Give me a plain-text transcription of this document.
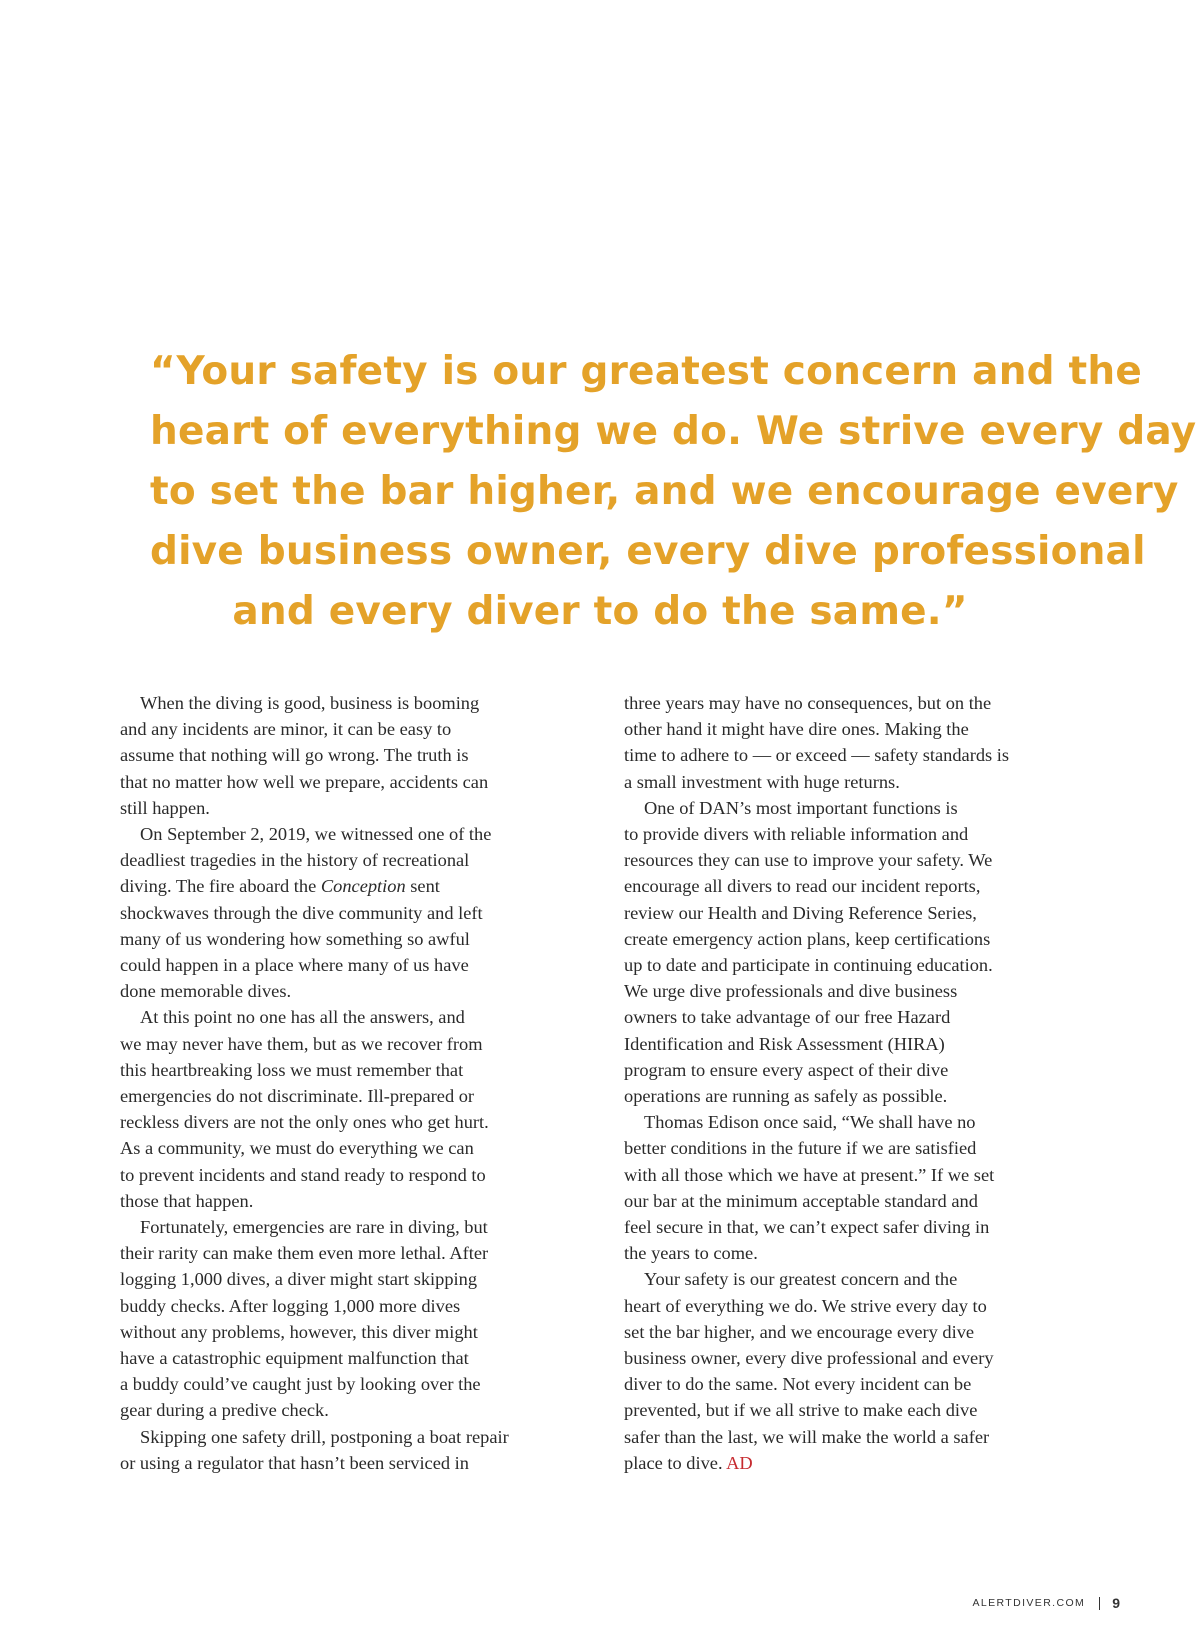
“Your safety is our greatest concern and the
heart of everything we do. We strive every day
to set the bar higher, and we encourage every
dive business owner, every dive professional
and every diver to do the same.”

When the diving is good, business is booming
and any incidents are minor, it can be easy to
assume that nothing will go wrong. The truth is
that no matter how well we prepare, accidents can
still happen.

On September 2, 2019, we witnessed one of the
deadliest tragedies in the history of recreational
diving. The fire aboard the Conception sent
shockwaves through the dive community and left
many of us wondering how something so awful
could happen in a place where many of us have
done memorable dives.

At this point no one has all the answers, and
we may never have them, but as we recover from
this heartbreaking loss we must remember that
emergencies do not discriminate. Ill-prepared or
reckless divers are not the only ones who get hurt.
As a community, we must do everything we can
to prevent incidents and stand ready to respond to
those that happen.

Fortunately, emergencies are rare in diving, but
their rarity can make them even more lethal. After
logging 1,000 dives, a diver might start skipping
buddy checks. After logging 1,000 more dives
without any problems, however, this diver might
have a catastrophic equipment malfunction that
a buddy could’ve caught just by looking over the
gear during a predive check.

Skipping one safety drill, postponing a boat repair
or using a regulator that hasn’t been serviced in

three years may have no consequences, but on the
other hand it might have dire ones. Making the
time to adhere to — or exceed — safety standards is
a small investment with huge returns.

One of DAN’s most important functions is
to provide divers with reliable information and
resources they can use to improve your safety. We
encourage all divers to read our incident reports,
review our Health and Diving Reference Series,
create emergency action plans, keep certifications
up to date and participate in continuing education.
We urge dive professionals and dive business
owners to take advantage of our free Hazard
Identification and Risk Assessment (HIRA)
program to ensure every aspect of their dive
operations are running as safely as possible.

Thomas Edison once said, “We shall have no
better conditions in the future if we are satisfied
with all those which we have at present.” If we set
our bar at the minimum acceptable standard and
feel secure in that, we can’t expect safer diving in
the years to come.

Your safety is our greatest concern and the
heart of everything we do. We strive every day to
set the bar higher, and we encourage every dive
business owner, every dive professional and every
diver to do the same. Not every incident can be
prevented, but if we all strive to make each dive
safer than the last, we will make the world a safer
place to dive. AD

ALERTDIVER.COM 9
